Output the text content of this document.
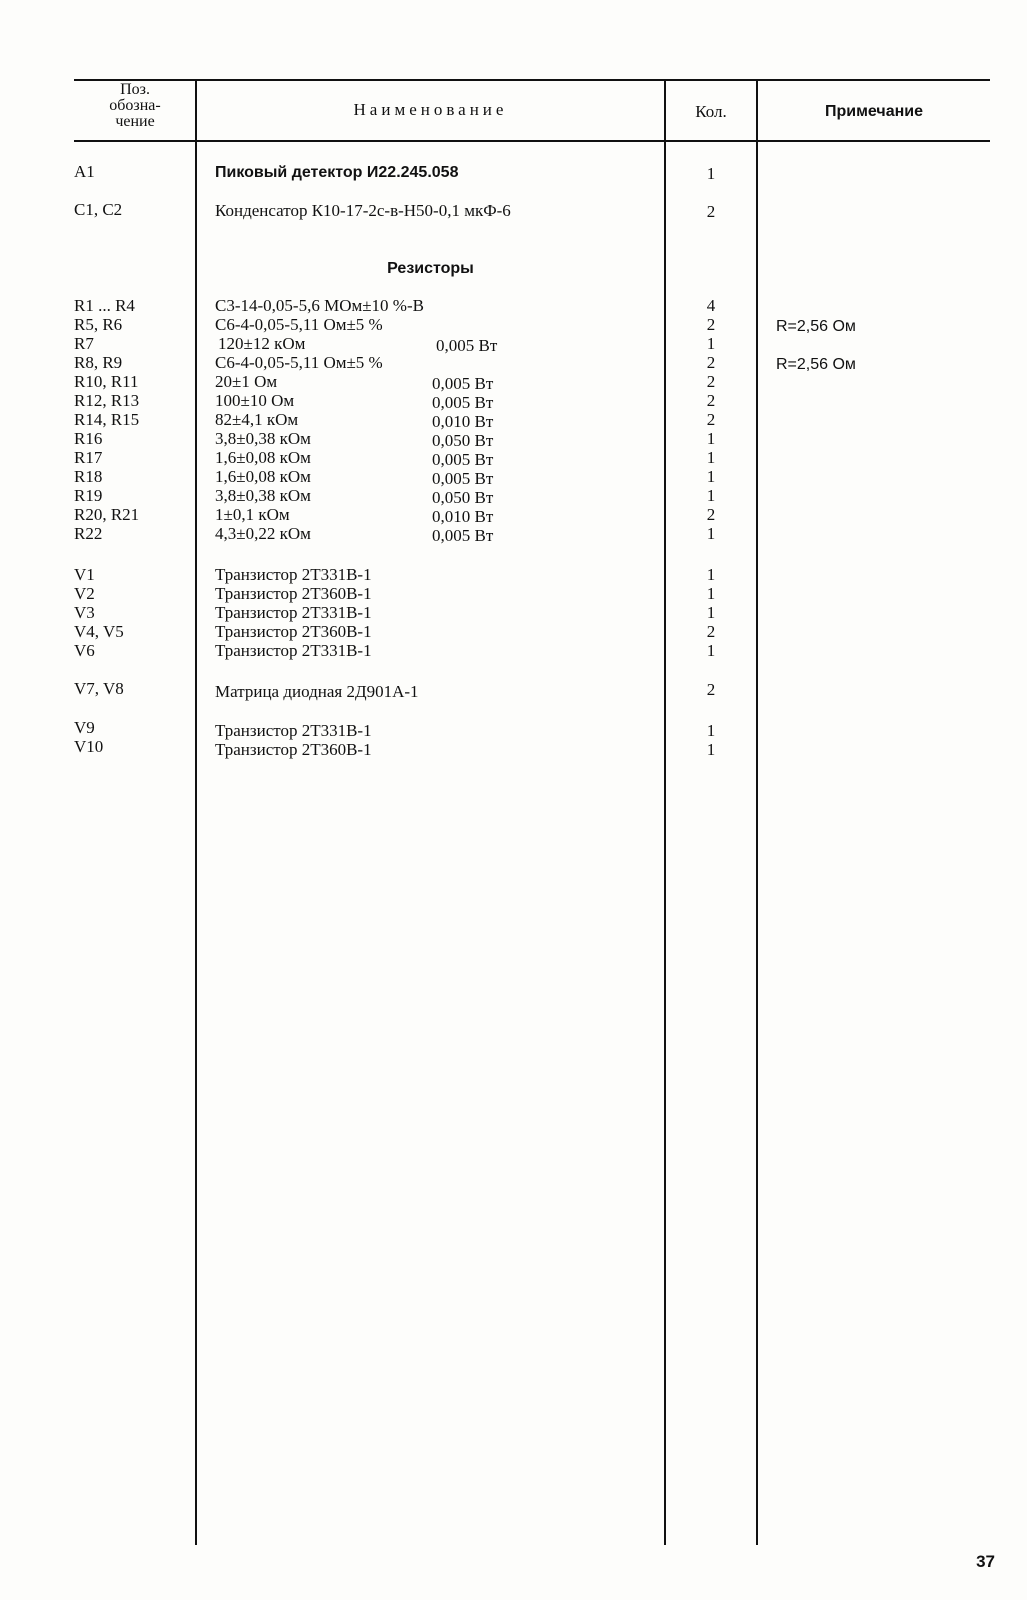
Поз.
обозна-
чение
Наименование	Кол.	Примечание
A1	Пиковый детектор И22.245.058	1
C1, C2	Конденсатор К10-17-2с-в-Н50-0,1 мкФ-6	2
Резисторы
R1 ... R4	С3-14-0,05-5,6 МОм±10 %-В	4
R5, R6	С6-4-0,05-5,11 Ом±5 %	2	R=2,56 Ом
R7	120±12 кОм	0,005 Вт	1
R8, R9	С6-4-0,05-5,11 Ом±5 %	2	R=2,56 Ом
R10, R11	20±1 Ом	0,005 Вт	2
R12, R13	100±10 Ом	0,005 Вт	2
R14, R15	82±4,1 кОм	0,010 Вт	2
R16	3,8±0,38 кОм	0,050 Вт	1
R17	1,6±0,08 кОм	0,005 Вт	1
R18	1,6±0,08 кОм	0,005 Вт	1
R19	3,8±0,38 кОм	0,050 Вт	1
R20, R21	1±0,1 кОм	0,010 Вт	2
R22	4,3±0,22 кОм	0,005 Вт	1
V1	Транзистор 2Т331В-1	1
V2	Транзистор 2Т360В-1	1
V3	Транзистор 2Т331В-1	1
V4, V5	Транзистор 2Т360В-1	2
V6	Транзистор 2Т331В-1	1
V7, V8	Матрица диодная 2Д901А-1	2
V9	Транзистор 2Т331В-1	1
V10	Транзистор 2Т360В-1	1
37
